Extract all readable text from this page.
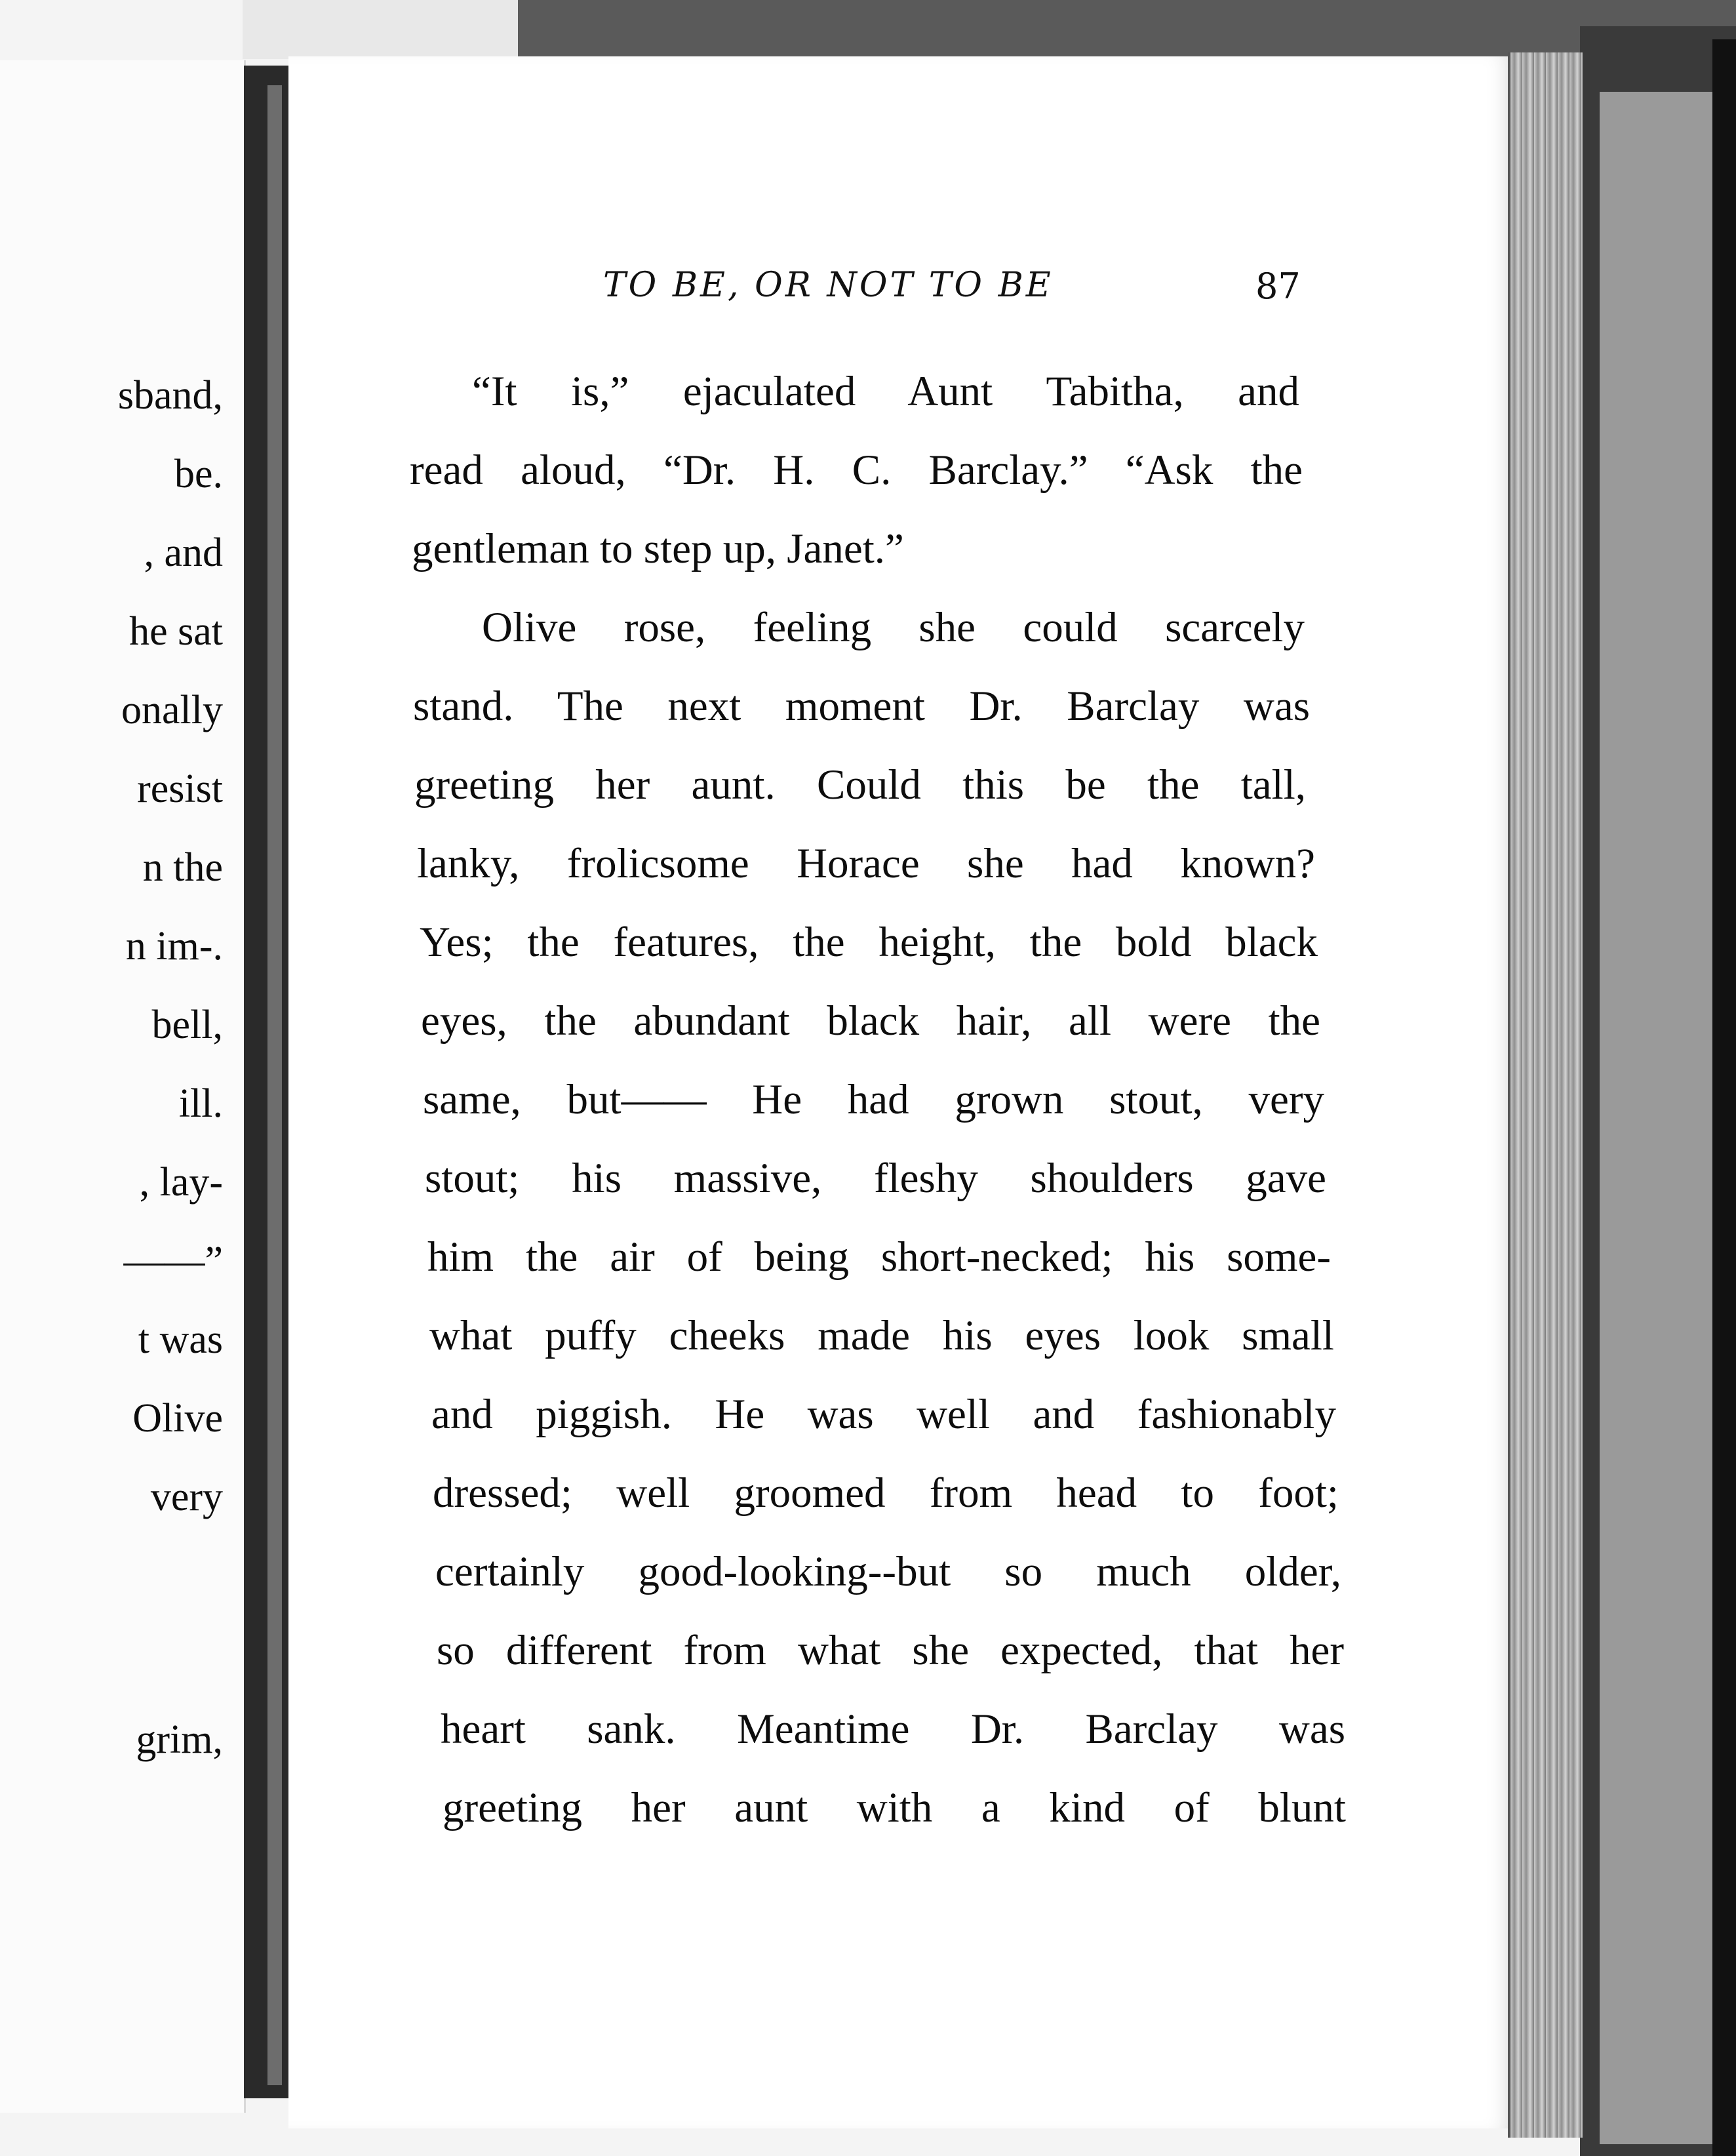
sband,
be.
, and
he sat
onally
resist
n the
n im-.
bell,
ill.
, lay-
——”
t was
Olive
very
grim,
TO BE, OR NOT TO BE	87
“It is,” ejaculated Aunt Tabitha, and
read aloud, “Dr. H. C. Barclay.” “Ask the
gentleman to step up, Janet.”
Olive rose, feeling she could scarcely
stand. The next moment Dr. Barclay was
greeting her aunt. Could this be the tall,
lanky, frolicsome Horace she had known?
Yes; the features, the height, the bold black
eyes, the abundant black hair, all were the
same, but—— He had grown stout, very
stout; his massive, fleshy shoulders gave
him the air of being short-necked; his some-
what puffy cheeks made his eyes look small
and piggish. He was well and fashionably
dressed; well groomed from head to foot;
certainly good-looking--but so much older,
so different from what she expected, that her
heart sank. Meantime Dr. Barclay was
greeting her aunt with a kind of blunt
